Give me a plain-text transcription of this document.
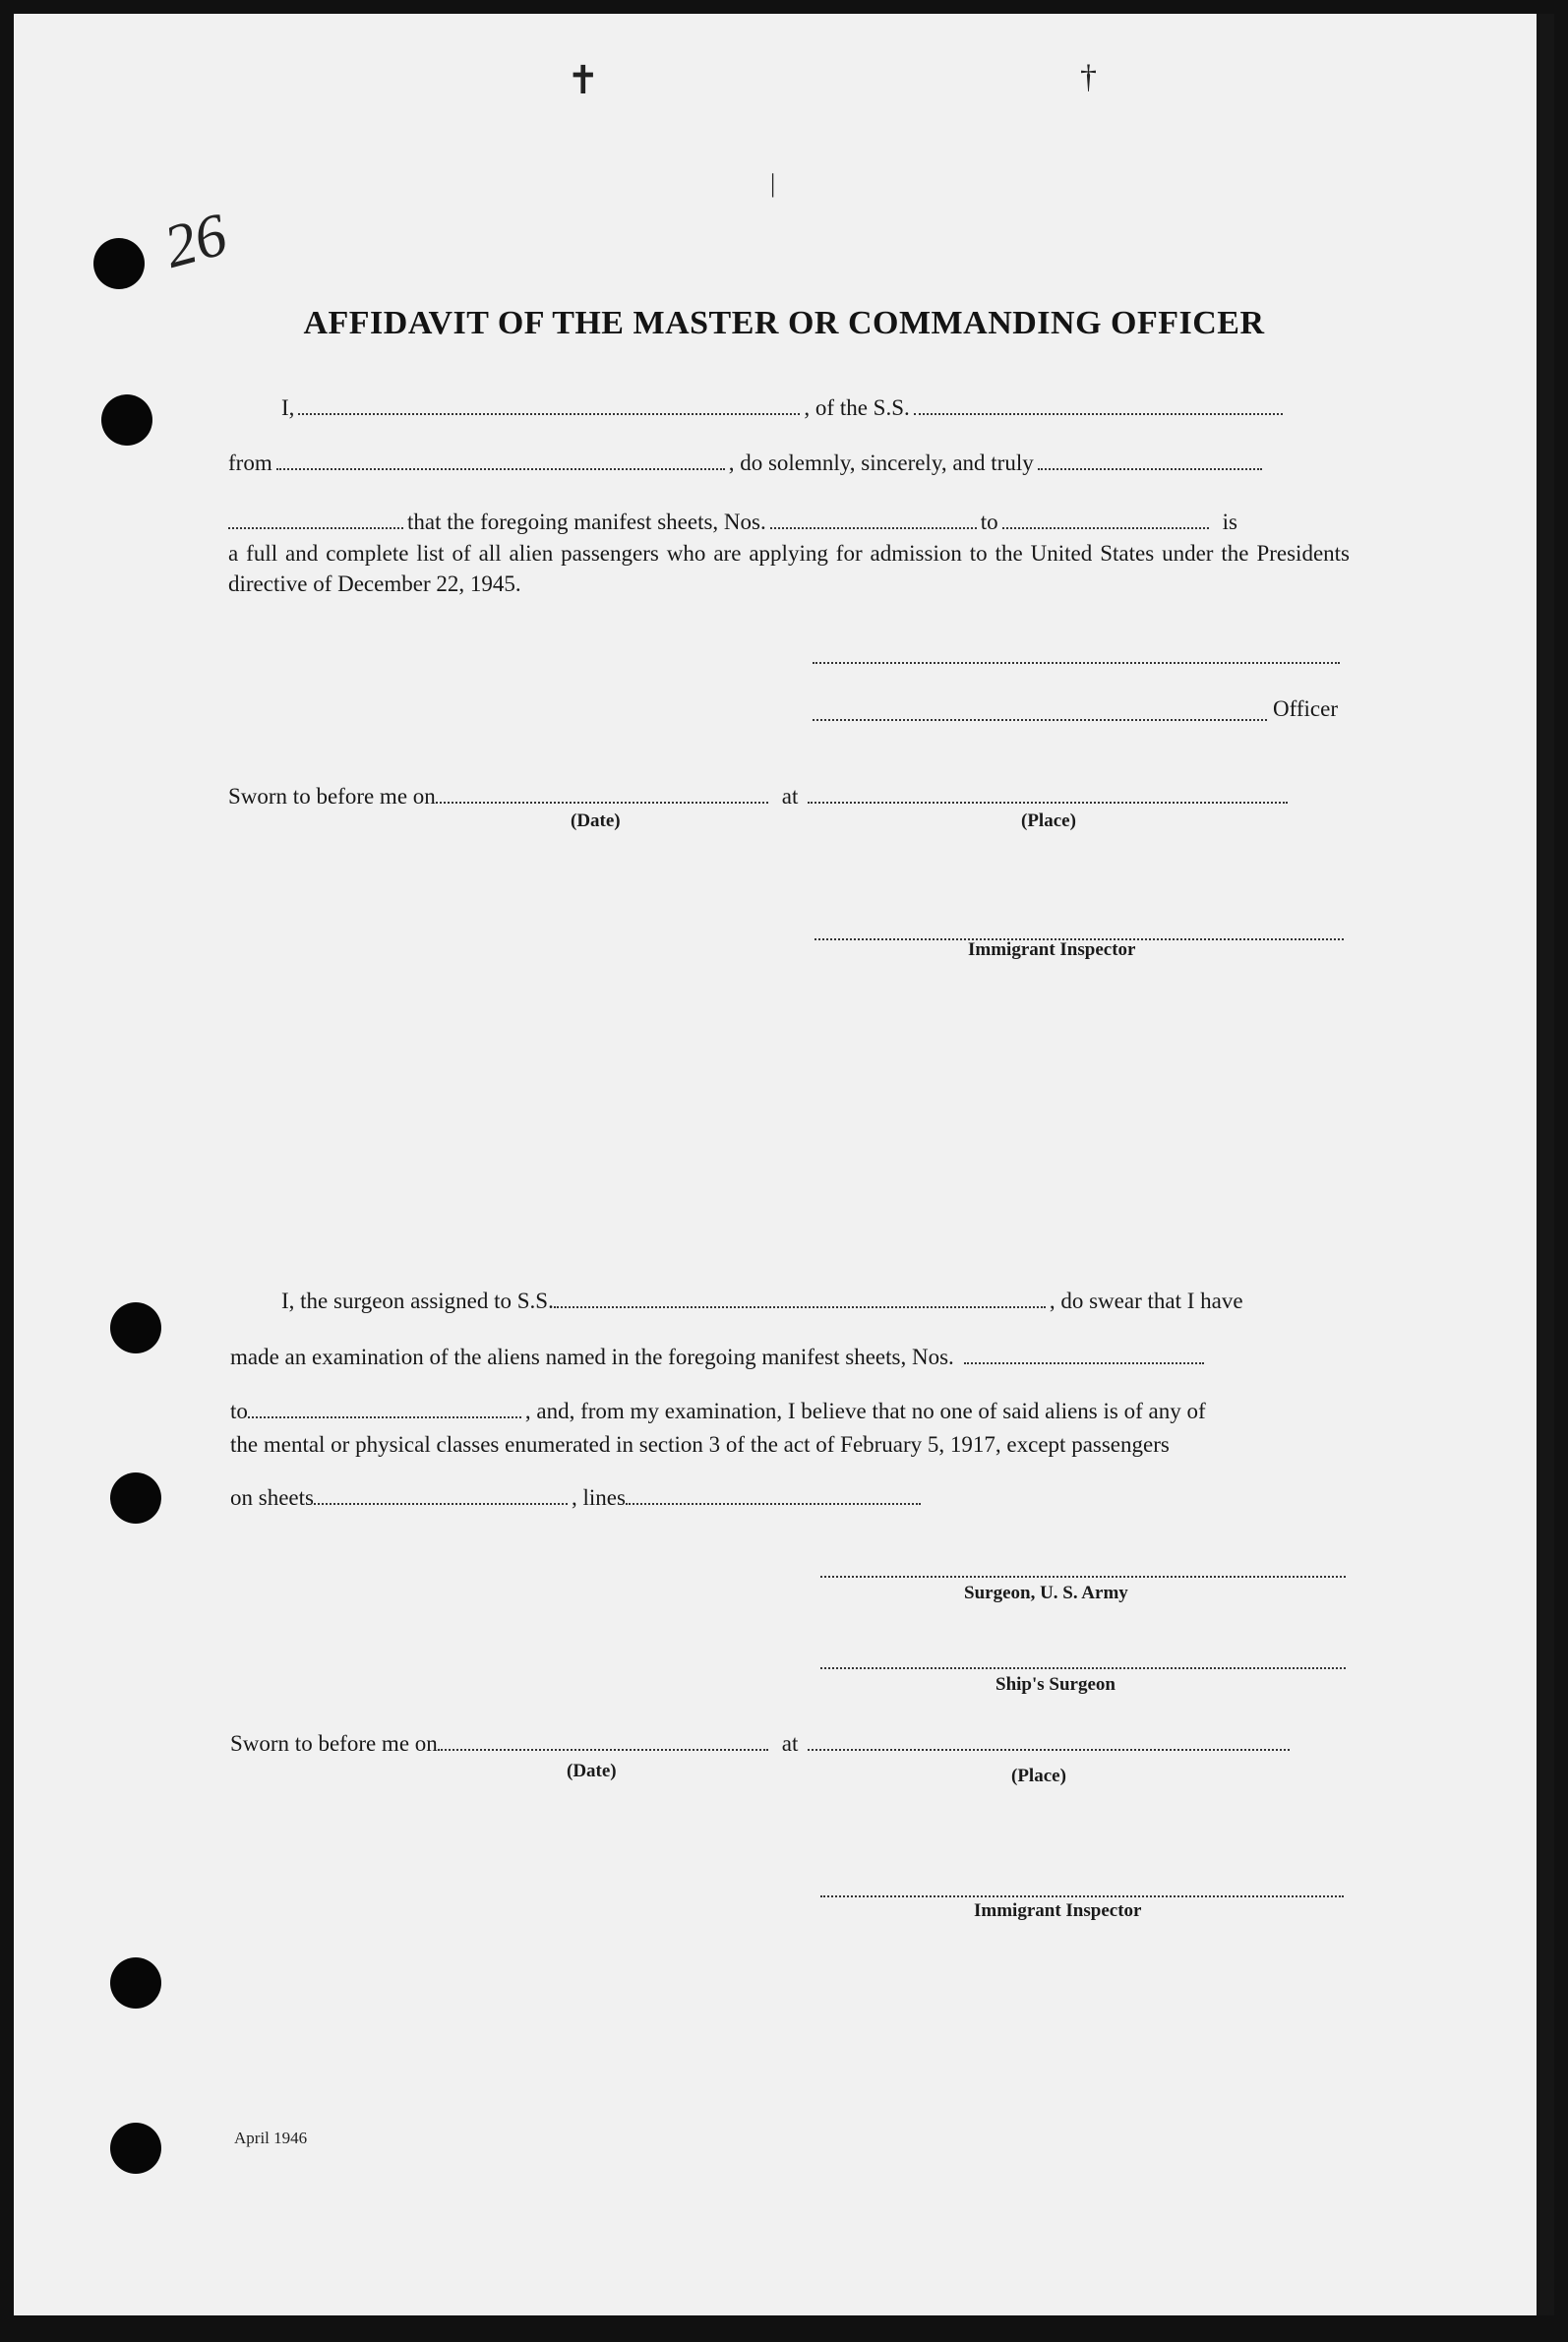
26
✝	†
|
AFFIDAVIT OF THE MASTER OR COMMANDING OFFICER
I,	, of the S.S.
from	, do solemnly, sincerely, and truly
that the foregoing manifest sheets, Nos.	to	is
a full and complete list of all alien passengers who are applying for admission to the United States under the Presidents directive of December 22, 1945.
Officer
Sworn to before me on	at
(Date)	(Place)
Immigrant Inspector
I, the surgeon assigned to S.S.	, do swear that I have
made an examination of the aliens named in the foregoing manifest sheets, Nos.
to	, and, from my examination, I believe that no one of said aliens is of any of
the mental or physical classes enumerated in section 3 of the act of February 5, 1917, except passengers
on sheets	, lines
Surgeon, U. S. Army
Ship's Surgeon
Sworn to before me on	at
(Date)	(Place)
Immigrant Inspector
April 1946
